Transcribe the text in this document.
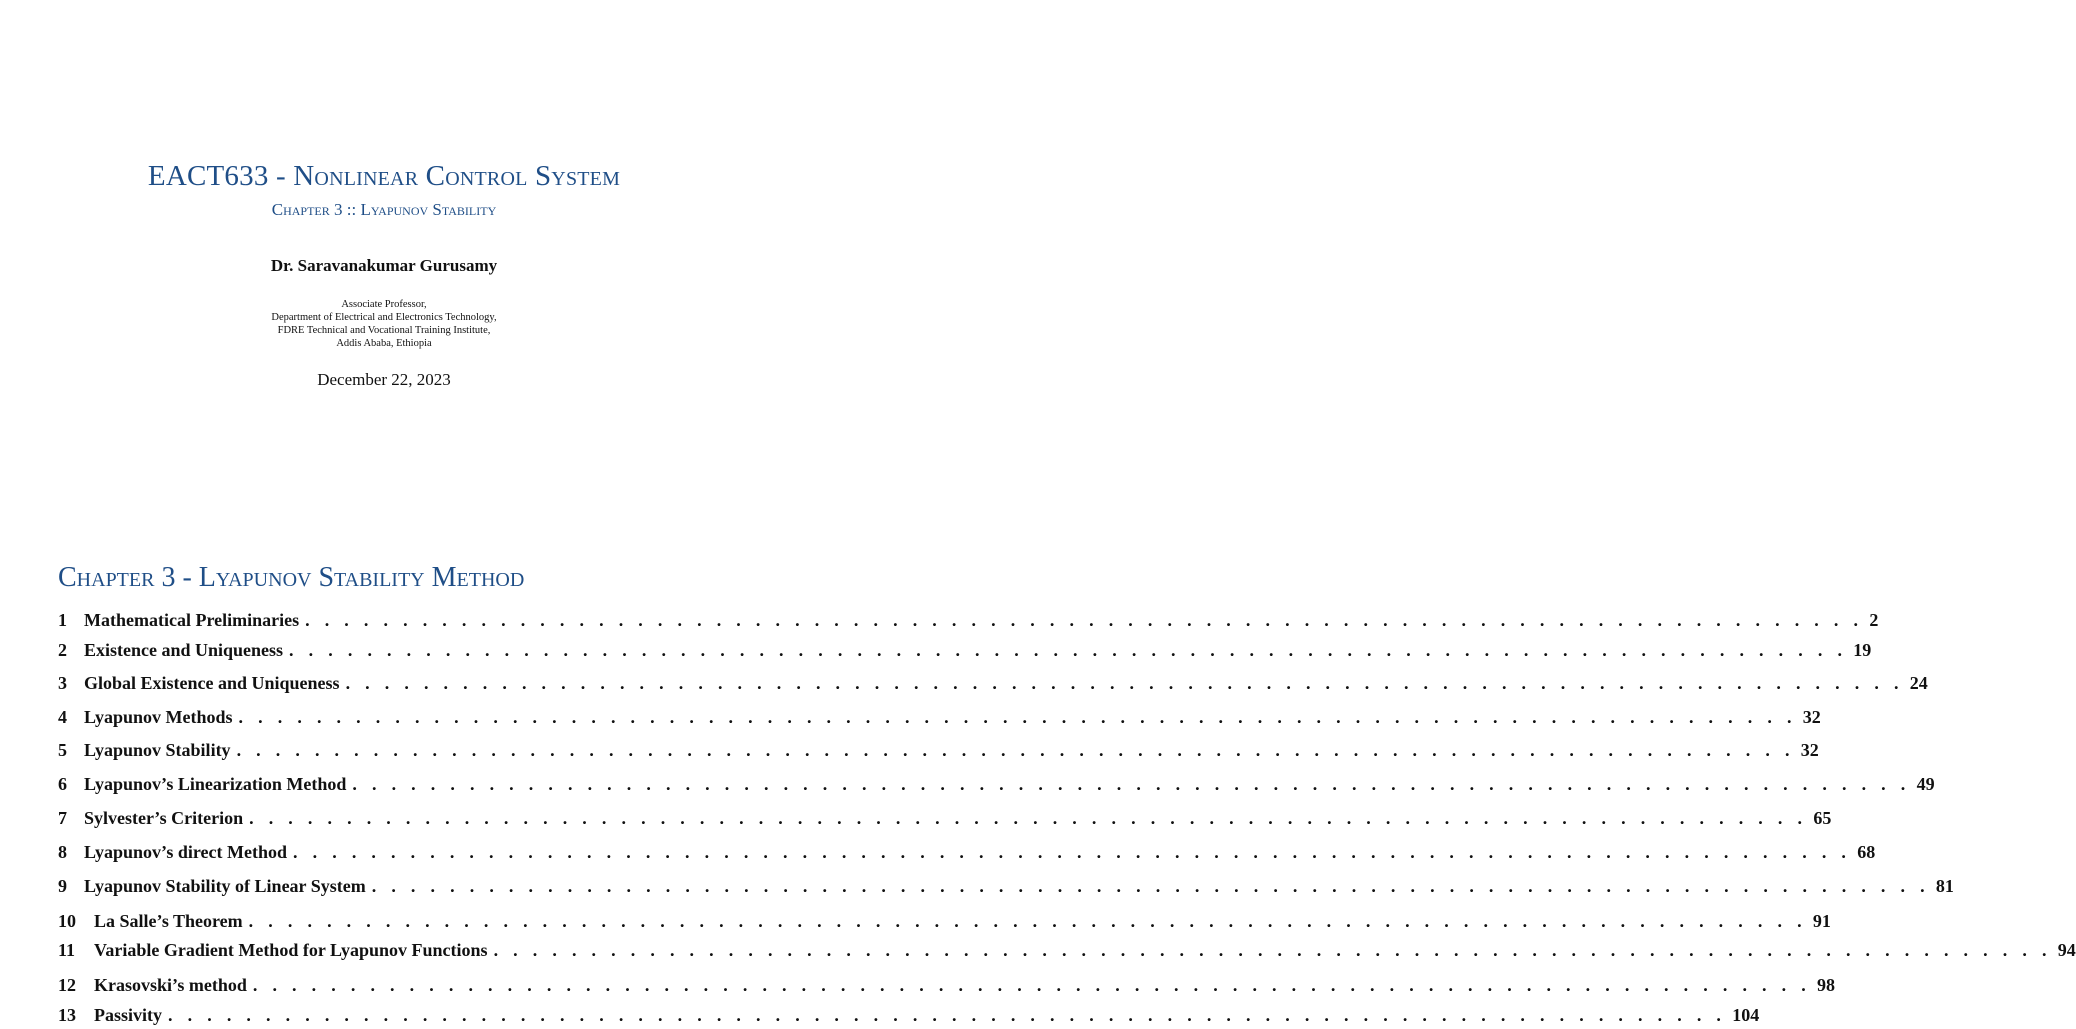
EACT633 - Nonlinear Control System
Chapter 3 :: Lyapunov Stability
Dr. Saravanakumar Gurusamy
Associate Professor,
Department of Electrical and Electronics Technology,
FDRE Technical and Vocational Training Institute,
Addis Ababa, Ethiopia
December 22, 2023
Chapter 3 - Lyapunov Stability Method
1 Mathematical Preliminaries . . . . . . . . . . . . . . . . . . . . . . . . . . . . . . . . . . . . . . . . . . . . . . . . . . . . . . . . . . . . . . . . . . . . . . . . . . . . . . . . 2
2 Existence and Uniqueness . . . . . . . . . . . . . . . . . . . . . . . . . . . . . . . . . . . . . . . . . . . . . . . . . . . . . . . . . . . . . . . . . . . . . . . . . . . . . . . . 19
3 Global Existence and Uniqueness . . . . . . . . . . . . . . . . . . . . . . . . . . . . . . . . . . . . . . . . . . . . . . . . . . . . . . . . . . . . . . . . . . . . . . . . . . . . . . . . 24
4 Lyapunov Methods . . . . . . . . . . . . . . . . . . . . . . . . . . . . . . . . . . . . . . . . . . . . . . . . . . . . . . . . . . . . . . . . . . . . . . . . . . . . . . . . 32
5 Lyapunov Stability . . . . . . . . . . . . . . . . . . . . . . . . . . . . . . . . . . . . . . . . . . . . . . . . . . . . . . . . . . . . . . . . . . . . . . . . . . . . . . . . 32
6 Lyapunov’s Linearization Method . . . . . . . . . . . . . . . . . . . . . . . . . . . . . . . . . . . . . . . . . . . . . . . . . . . . . . . . . . . . . . . . . . . . . . . . . . . . . . . . 49
7 Sylvester’s Criterion . . . . . . . . . . . . . . . . . . . . . . . . . . . . . . . . . . . . . . . . . . . . . . . . . . . . . . . . . . . . . . . . . . . . . . . . . . . . . . . . 65
8 Lyapunov’s direct Method . . . . . . . . . . . . . . . . . . . . . . . . . . . . . . . . . . . . . . . . . . . . . . . . . . . . . . . . . . . . . . . . . . . . . . . . . . . . . . . . 68
9 Lyapunov Stability of Linear System . . . . . . . . . . . . . . . . . . . . . . . . . . . . . . . . . . . . . . . . . . . . . . . . . . . . . . . . . . . . . . . . . . . . . . . . . . . . . . . . 81
10	La Salle’s Theorem . . . . . . . . . . . . . . . . . . . . . . . . . . . . . . . . . . . . . . . . . . . . . . . . . . . . . . . . . . . . . . . . . . . . . . . . . . . . . . . . 91
11	Variable Gradient Method for Lyapunov Functions . . . . . . . . . . . . . . . . . . . . . . . . . . . . . . . . . . . . . . . . . . . . . . . . . . . . . . . . . . . . . . . . . . . . . . . . . . . . . . . . 94
12	Krasovski’s method . . . . . . . . . . . . . . . . . . . . . . . . . . . . . . . . . . . . . . . . . . . . . . . . . . . . . . . . . . . . . . . . . . . . . . . . . . . . . . . . 98
13	Passivity . . . . . . . . . . . . . . . . . . . . . . . . . . . . . . . . . . . . . . . . . . . . . . . . . . . . . . . . . . . . . . . . . . . . . . . . . . . . . . . . 104
